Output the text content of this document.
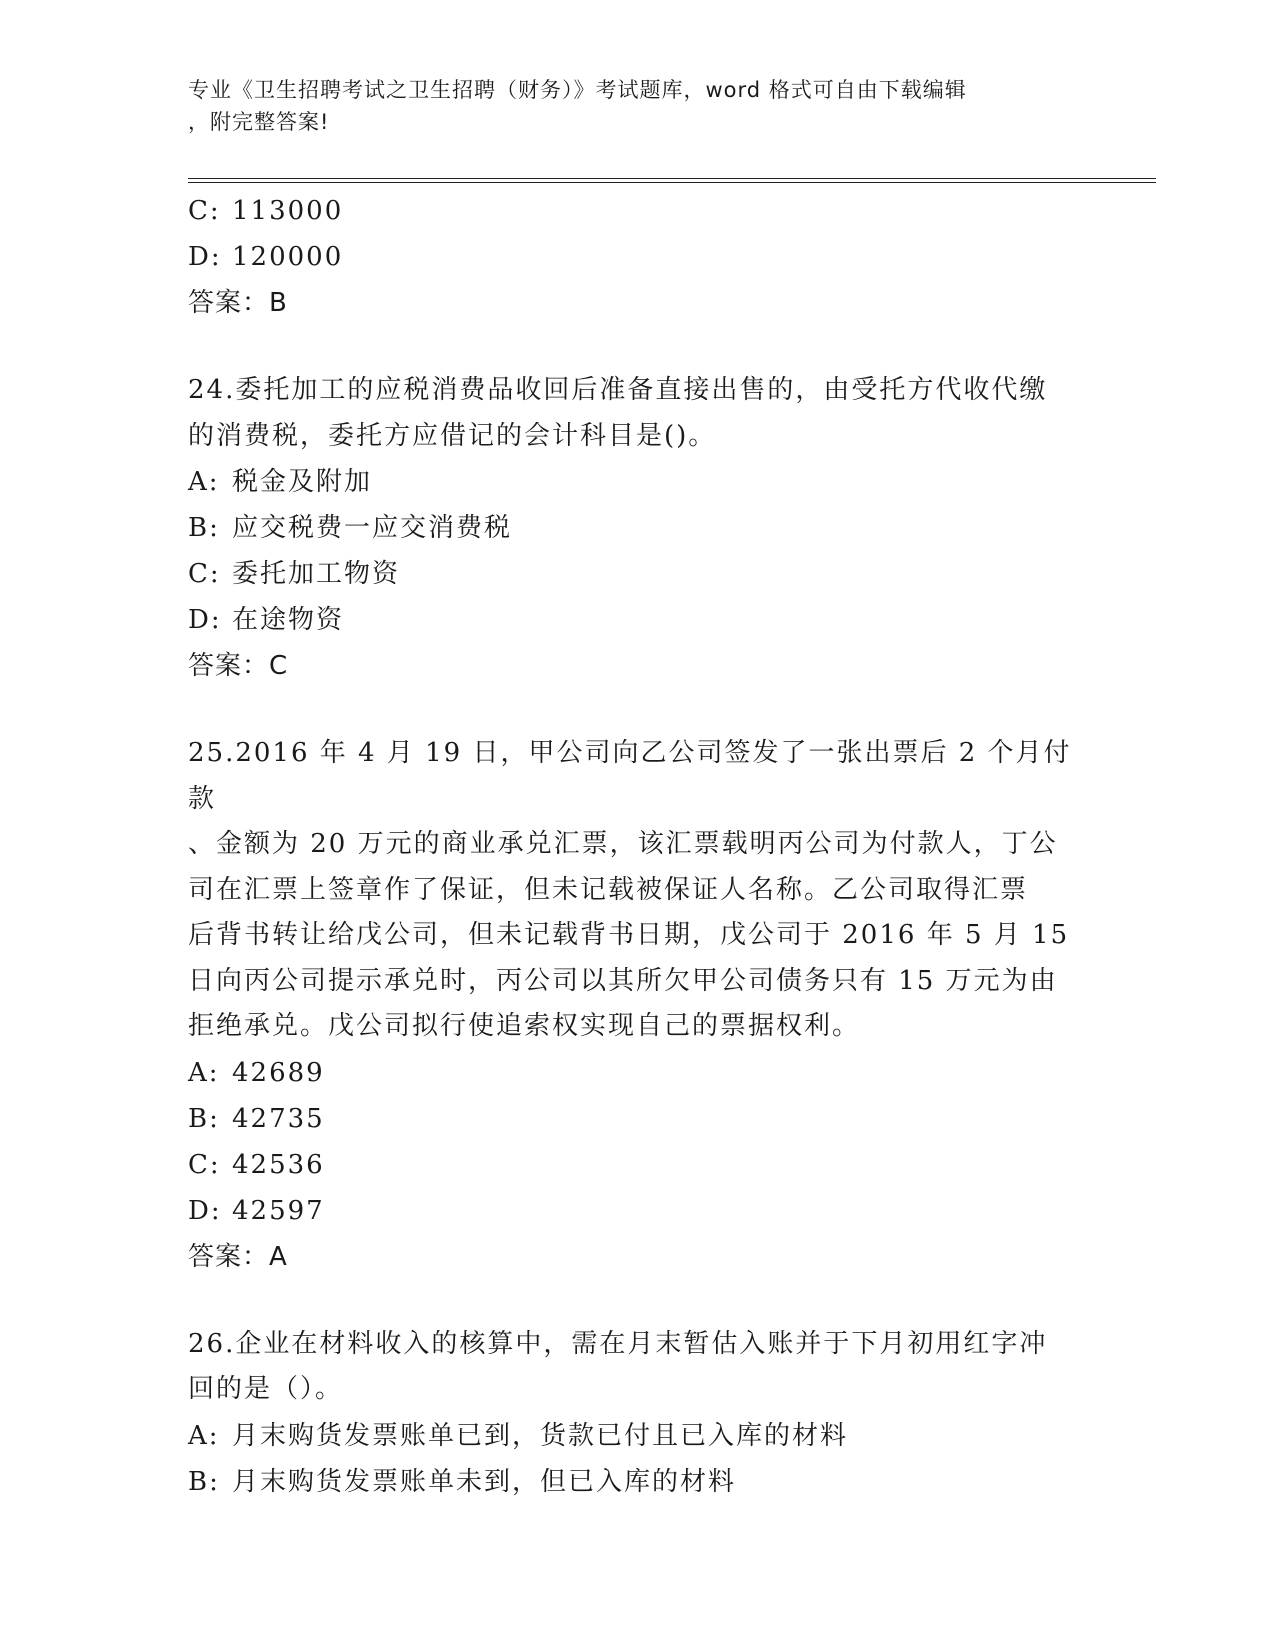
专业《卫生招聘考试之卫生招聘（财务）》考试题库，word 格式可自由下载编辑
，附完整答案!
C: 113000
D: 120000
答案：B
24.委托加工的应税消费品收回后准备直接出售的，由受托方代收代缴
的消费税，委托方应借记的会计科目是()。
A: 税金及附加
B: 应交税费一应交消费税
C: 委托加工物资
D: 在途物资
答案：C
25.2016 年 4 月 19 日，甲公司向乙公司签发了一张出票后 2 个月付款
、金额为 20 万元的商业承兑汇票，该汇票载明丙公司为付款人，丁公
司在汇票上签章作了保证，但未记载被保证人名称。乙公司取得汇票
后背书转让给戊公司，但未记载背书日期，戊公司于 2016 年 5 月 15
日向丙公司提示承兑时，丙公司以其所欠甲公司债务只有 15 万元为由
拒绝承兑。戊公司拟行使追索权实现自己的票据权利。
A: 42689
B: 42735
C: 42536
D: 42597
答案：A
26.企业在材料收入的核算中，需在月末暂估入账并于下月初用红字冲
回的是（）。
A: 月末购货发票账单已到，货款已付且已入库的材料
B: 月末购货发票账单未到，但已入库的材料
